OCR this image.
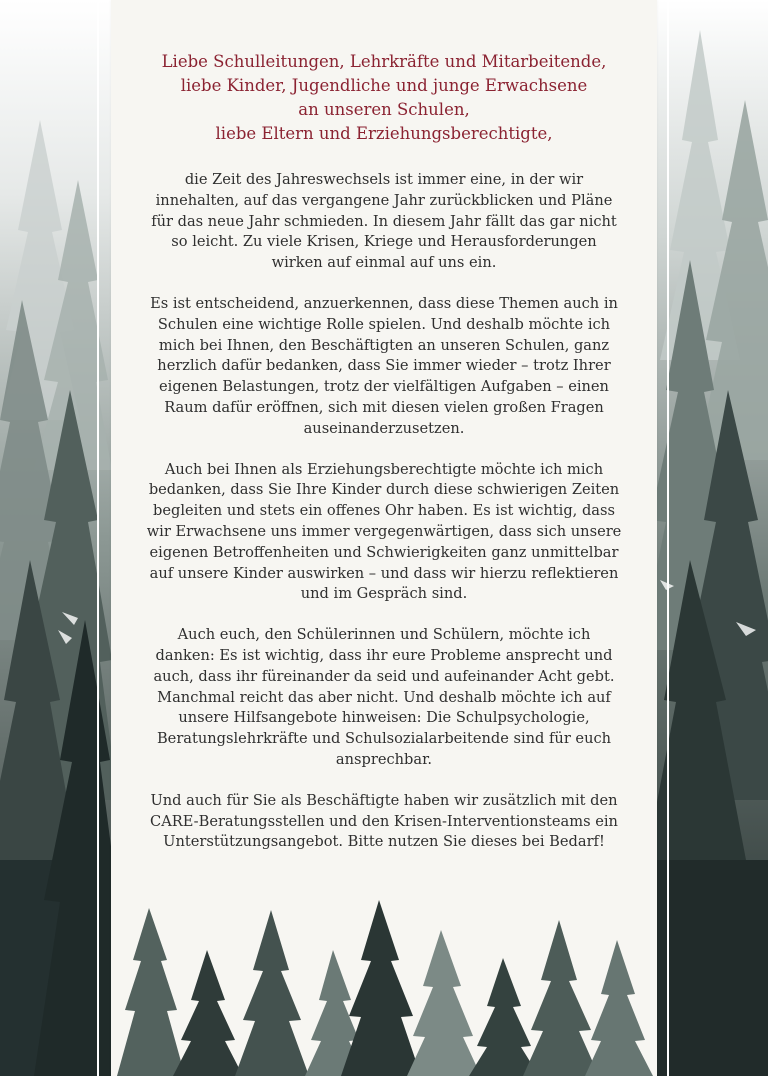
Liebe Schulleitungen, Lehrkräfte und Mitarbeitende,

liebe Kinder, Jugendliche und junge Erwachsene

an unseren Schulen,

liebe Eltern und Erziehungsberechtigte,

die Zeit des Jahreswechsels ist immer eine, in der wir
innehalten, auf das vergangene Jahr zurückblicken und Pläne
für das neue Jahr schmieden. In diesem Jahr fällt das gar nicht
so leicht. Zu viele Krisen, Kriege und Herausforderungen
wirken auf einmal auf uns ein.

Es ist entscheidend, anzuerkennen, dass diese Themen auch in
Schulen eine wichtige Rolle spielen. Und deshalb möchte ich
mich bei Ihnen, den Beschäftigten an unseren Schulen, ganz
herzlich dafür bedanken, dass Sie immer wieder – trotz Ihrer
eigenen Belastungen, trotz der vielfältigen Aufgaben – einen
Raum dafür eröffnen, sich mit diesen vielen großen Fragen
auseinanderzusetzen.

Auch bei Ihnen als Erziehungsberechtigte möchte ich mich
bedanken, dass Sie Ihre Kinder durch diese schwierigen Zeiten
begleiten und stets ein offenes Ohr haben. Es ist wichtig, dass
wir Erwachsene uns immer vergegenwärtigen, dass sich unsere
eigenen Betroffenheiten und Schwierigkeiten ganz unmittelbar
auf unsere Kinder auswirken – und dass wir hierzu reflektieren
und im Gespräch sind.

Auch euch, den Schülerinnen und Schülern, möchte ich
danken: Es ist wichtig, dass ihr eure Probleme ansprecht und
auch, dass ihr füreinander da seid und aufeinander Acht gebt.
Manchmal reicht das aber nicht. Und deshalb möchte ich auf
unsere Hilfsangebote hinweisen: Die Schulpsychologie,
Beratungslehrkräfte und Schulsozialarbeitende sind für euch
ansprechbar.

Und auch für Sie als Beschäftigte haben wir zusätzlich mit den
CARE-Beratungsstellen und den Krisen-Interventionsteams ein
Unterstützungsangebot. Bitte nutzen Sie dieses bei Bedarf!
